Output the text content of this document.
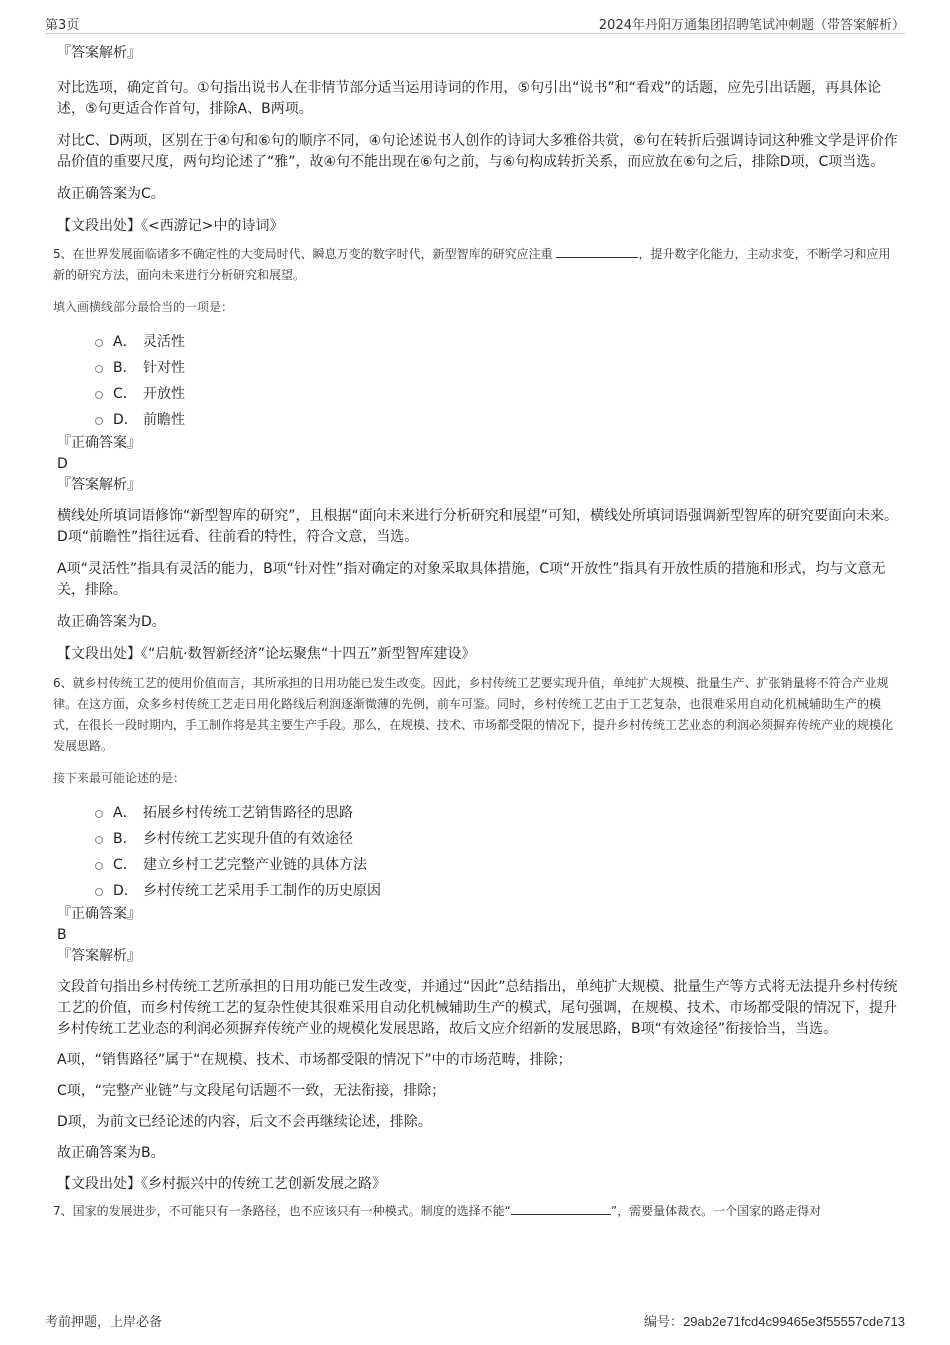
第3页	2024年丹阳万通集团招聘笔试冲刺题（带答案解析）
『答案解析』
对比选项，确定首句。①句指出说书人在非情节部分适当运用诗词的作用，⑤句引出“说书”和“看戏”的话题，应先引出话题，再具体论述，⑤句更适合作首句，排除A、B两项。
对比C、D两项，区别在于④句和⑥句的顺序不同，④句论述说书人创作的诗词大多雅俗共赏，⑥句在转折后强调诗词这种雅文学是评价作品价值的重要尺度，两句均论述了“雅”，故④句不能出现在⑥句之前，与⑥句构成转折关系，而应放在⑥句之后，排除D项，C项当选。
故正确答案为C。
【文段出处】《<西游记>中的诗词》
5、在世界发展面临诸多不确定性的大变局时代、瞬息万变的数字时代，新型智库的研究应注重	，提升数字化能力，主动求变，不断学习和应用新的研究方法，面向未来进行分析研究和展望。
填入画横线部分最恰当的一项是：
A． 灵活性
B． 针对性
C． 开放性
D． 前瞻性
『正确答案』
D
『答案解析』
横线处所填词语修饰“新型智库的研究”，且根据“面向未来进行分析研究和展望”可知，横线处所填词语强调新型智库的研究要面向未来。D项“前瞻性”指往远看、往前看的特性，符合文意，当选。
A项“灵活性”指具有灵活的能力，B项“针对性”指对确定的对象采取具体措施，C项“开放性”指具有开放性质的措施和形式，均与文意无关，排除。
故正确答案为D。
【文段出处】《“启航·数智新经济”论坛聚焦“十四五”新型智库建设》
6、就乡村传统工艺的使用价值而言，其所承担的日用功能已发生改变。因此，乡村传统工艺要实现升值，单纯扩大规模、批量生产、扩张销量将不符合产业规律。在这方面，众多乡村传统工艺走日用化路线后利润逐渐微薄的先例，前车可鉴。同时，乡村传统工艺由于工艺复杂，也很难采用自动化机械辅助生产的模式，在很长一段时期内，手工制作将是其主要生产手段。那么，在规模、技术、市场都受限的情况下，提升乡村传统工艺业态的利润必须摒弃传统产业的规模化发展思路。
接下来最可能论述的是：
A． 拓展乡村传统工艺销售路径的思路
B． 乡村传统工艺实现升值的有效途径
C． 建立乡村工艺完整产业链的具体方法
D． 乡村传统工艺采用手工制作的历史原因
『正确答案』
B
『答案解析』
文段首句指出乡村传统工艺所承担的日用功能已发生改变，并通过“因此”总结指出，单纯扩大规模、批量生产等方式将无法提升乡村传统工艺的价值，而乡村传统工艺的复杂性使其很难采用自动化机械辅助生产的模式，尾句强调，在规模、技术、市场都受限的情况下，提升乡村传统工艺业态的利润必须摒弃传统产业的规模化发展思路，故后文应介绍新的发展思路，B项“有效途径”衔接恰当，当选。
A项，“销售路径”属于“在规模、技术、市场都受限的情况下”中的市场范畴，排除；
C项，“完整产业链”与文段尾句话题不一致，无法衔接，排除；
D项，为前文已经论述的内容，后文不会再继续论述，排除。
故正确答案为B。
【文段出处】《乡村振兴中的传统工艺创新发展之路》
7、国家的发展进步，不可能只有一条路径，也不应该只有一种模式。制度的选择不能“	”，需要量体裁衣。一个国家的路走得对
考前押题，上岸必备	编号：29ab2e71fcd4c99465e3f55557cde713
